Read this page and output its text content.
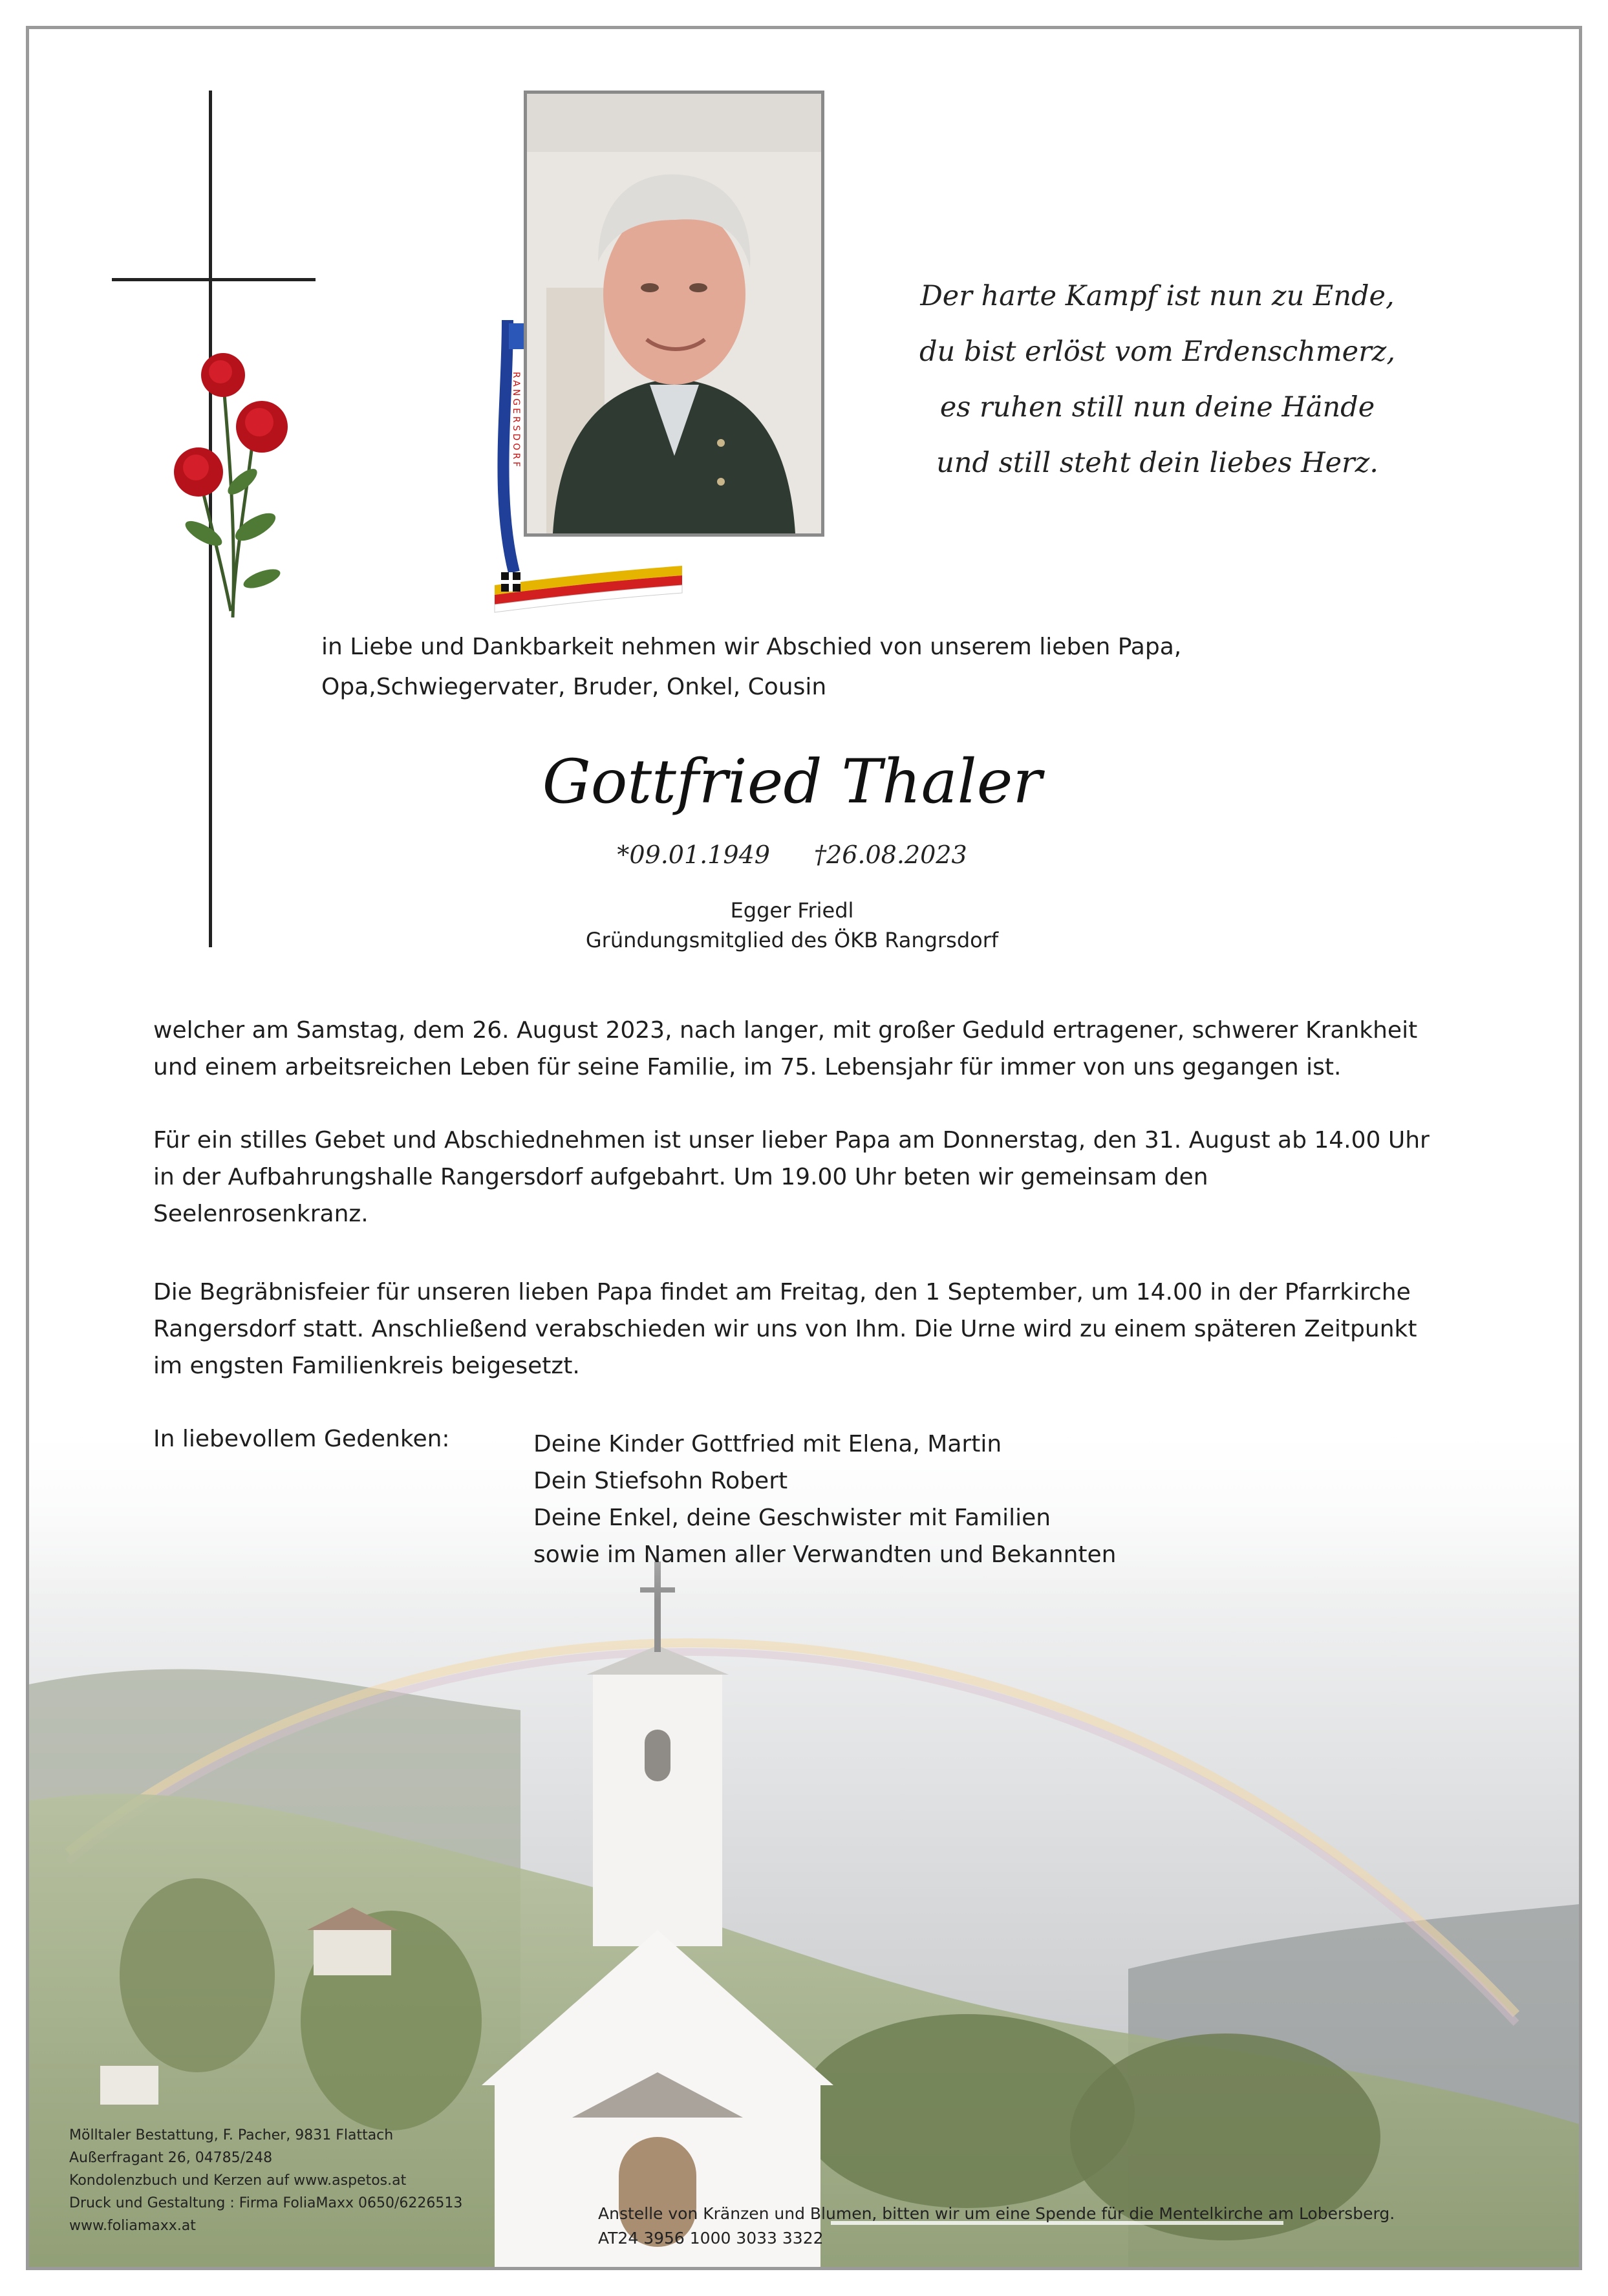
RANGERSDORF
Der harte Kampf ist nun zu Ende,
du bist erlöst vom Erdenschmerz,
es ruhen still nun deine Hände
und still steht dein liebes Herz.
in Liebe und Dankbarkeit nehmen wir Abschied von unserem lieben Papa,
Opa,Schwiegervater, Bruder, Onkel, Cousin
Gottfried Thaler
*09.01.1949 †26.08.2023
Egger Friedl
Gründungsmitglied des ÖKB Rangrsdorf
welcher am Samstag, dem 26. August 2023, nach langer, mit großer Geduld ertragener, schwerer Krankheit
und einem arbeitsreichen Leben für seine Familie, im 75. Lebensjahr für immer von uns gegangen ist.
Für ein stilles Gebet und Abschiednehmen ist unser lieber Papa am Donnerstag, den 31. August ab 14.00 Uhr
in der Aufbahrungshalle Rangersdorf aufgebahrt. Um 19.00 Uhr beten wir gemeinsam den
Seelenrosenkranz.
Die Begräbnisfeier für unseren lieben Papa findet am Freitag, den 1 September, um 14.00 in der Pfarrkirche
Rangersdorf statt. Anschließend verabschieden wir uns von Ihm. Die Urne wird zu einem späteren Zeitpunkt
im engsten Familienkreis beigesetzt.
In liebevollem Gedenken:	Deine Kinder Gottfried mit Elena, Martin
Dein Stiefsohn Robert
Deine Enkel, deine Geschwister mit Familien
sowie im Namen aller Verwandten und Bekannten
Mölltaler Bestattung, F. Pacher, 9831 Flattach
Außerfragant 26, 04785/248
Kondolenzbuch und Kerzen auf www.aspetos.at
Druck und Gestaltung : Firma FoliaMaxx 0650/6226513
www.foliamaxx.at
Anstelle von Kränzen und Blumen, bitten wir um eine Spende für die Mentelkirche am Lobersberg.
AT24 3956 1000 3033 3322
